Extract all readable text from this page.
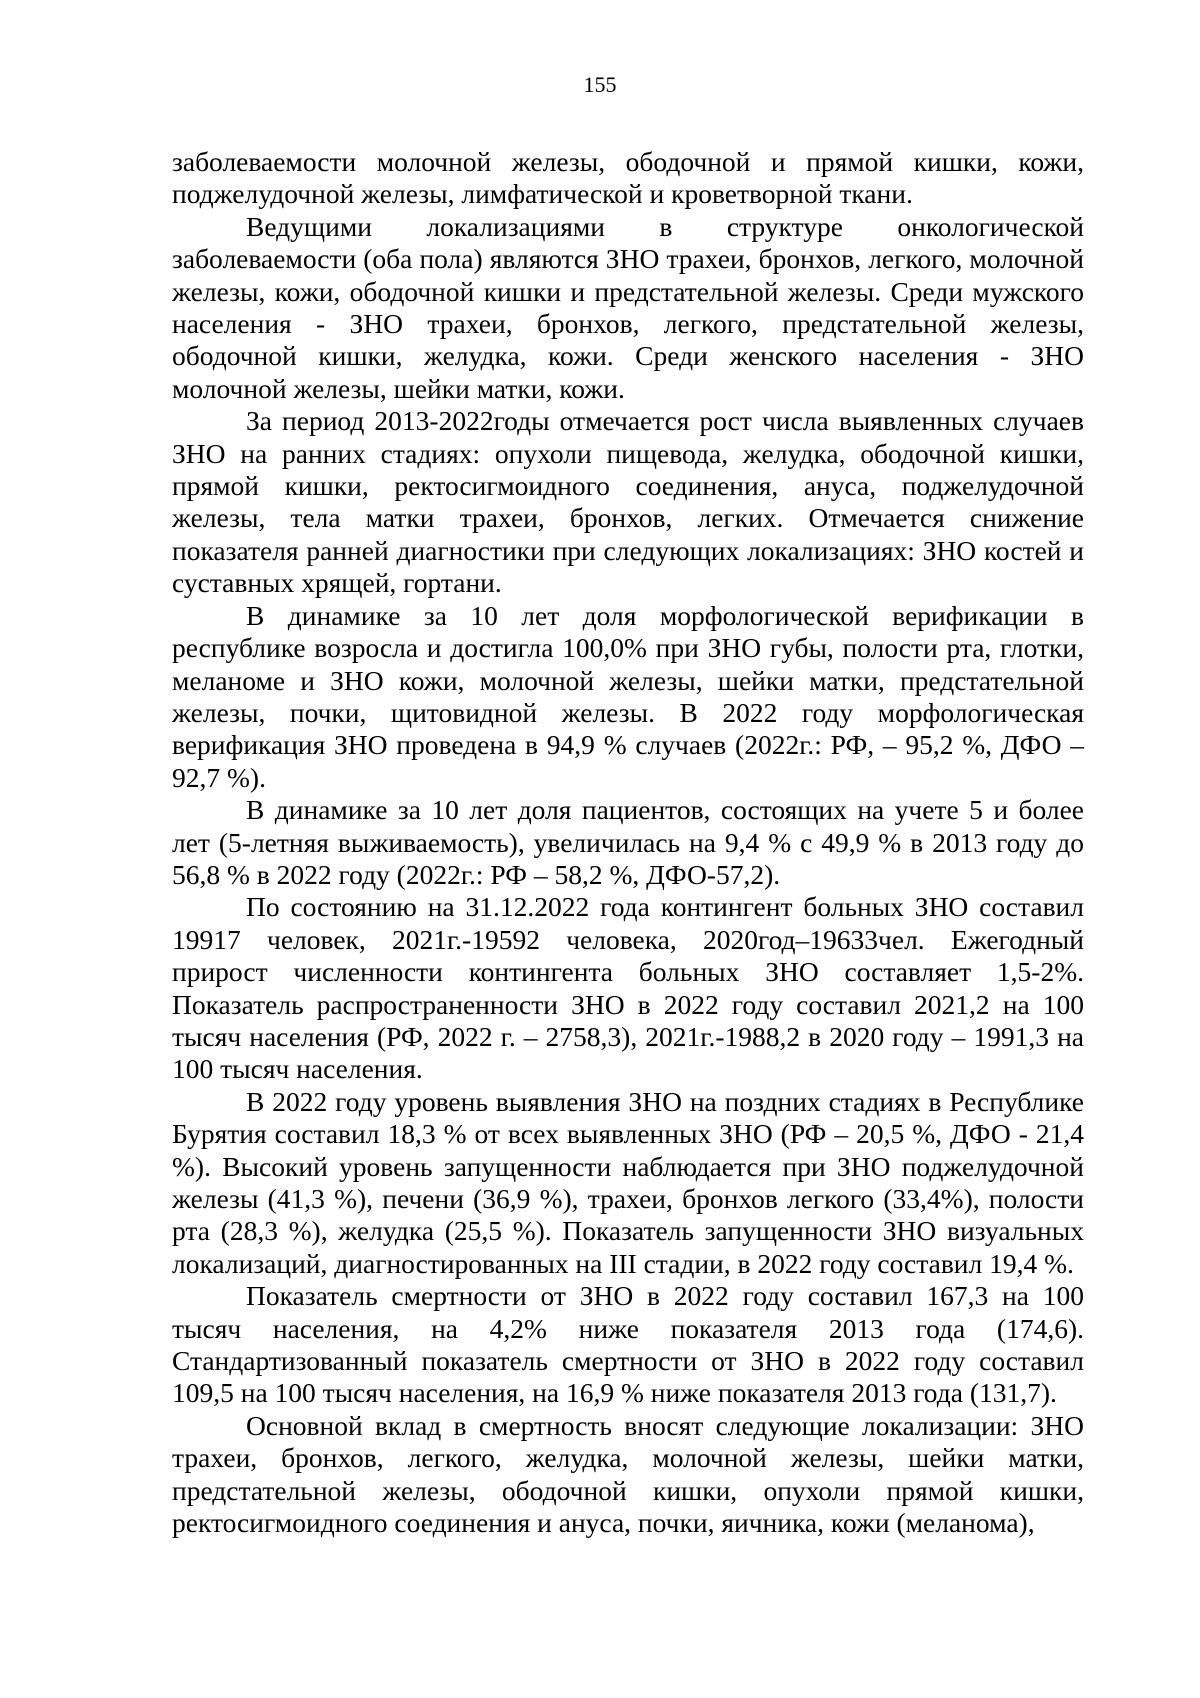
155

заболеваемости молочной железы, ободочной и прямой кишки, кожи, поджелудочной железы, лимфатической и кроветворной ткани.

Ведущими локализациями в структуре онкологической заболеваемости (оба пола) являются ЗНО трахеи, бронхов, легкого, молочной железы, кожи, ободочной кишки и предстательной железы. Среди мужского населения - ЗНО трахеи, бронхов, легкого, предстательной железы, ободочной кишки, желудка, кожи. Среди женского населения - ЗНО молочной железы, шейки матки, кожи.

За период 2013-2022годы отмечается рост числа выявленных случаев ЗНО на ранних стадиях: опухоли пищевода, желудка, ободочной кишки, прямой кишки, ректосигмоидного соединения, ануса, поджелудочной железы, тела матки трахеи, бронхов, легких. Отмечается снижение показателя ранней диагностики при следующих локализациях: ЗНО костей и суставных хрящей, гортани.

В динамике за 10 лет доля морфологической верификации в республике возросла и достигла 100,0% при ЗНО губы, полости рта, глотки, меланоме и ЗНО кожи, молочной железы, шейки матки, предстательной железы, почки, щитовидной железы. В 2022 году морфологическая верификация ЗНО проведена в 94,9 % случаев (2022г.: РФ, – 95,2 %, ДФО – 92,7 %).

В динамике за 10 лет доля пациентов, состоящих на учете 5 и более лет (5-летняя выживаемость), увеличилась на 9,4 % с 49,9 % в 2013 году до 56,8 % в 2022 году (2022г.: РФ – 58,2 %, ДФО-57,2).

По состоянию на 31.12.2022 года контингент больных ЗНО составил 19917 человек, 2021г.-19592 человека, 2020год–19633чел. Ежегодный прирост численности контингента больных ЗНО составляет 1,5-2%. Показатель распространенности ЗНО в 2022 году составил 2021,2 на 100 тысяч населения (РФ, 2022 г. – 2758,3), 2021г.-1988,2 в 2020 году – 1991,3 на 100 тысяч населения.

В 2022 году уровень выявления ЗНО на поздних стадиях в Республике Бурятия составил 18,3 % от всех выявленных ЗНО (РФ – 20,5 %, ДФО - 21,4 %). Высокий уровень запущенности наблюдается при ЗНО поджелудочной железы (41,3 %), печени (36,9 %), трахеи, бронхов легкого (33,4%), полости рта (28,3 %), желудка (25,5 %). Показатель запущенности ЗНО визуальных локализаций, диагностированных на III стадии, в 2022 году составил 19,4 %.

Показатель смертности от ЗНО в 2022 году составил 167,3 на 100 тысяч населения, на 4,2% ниже показателя 2013 года (174,6). Стандартизованный показатель смертности от ЗНО в 2022 году составил 109,5 на 100 тысяч населения, на 16,9 % ниже показателя 2013 года (131,7).

Основной вклад в смертность вносят следующие локализации: ЗНО трахеи, бронхов, легкого, желудка, молочной железы, шейки матки, предстательной железы, ободочной кишки, опухоли прямой кишки, ректосигмоидного соединения и ануса, почки, яичника, кожи (меланома),
